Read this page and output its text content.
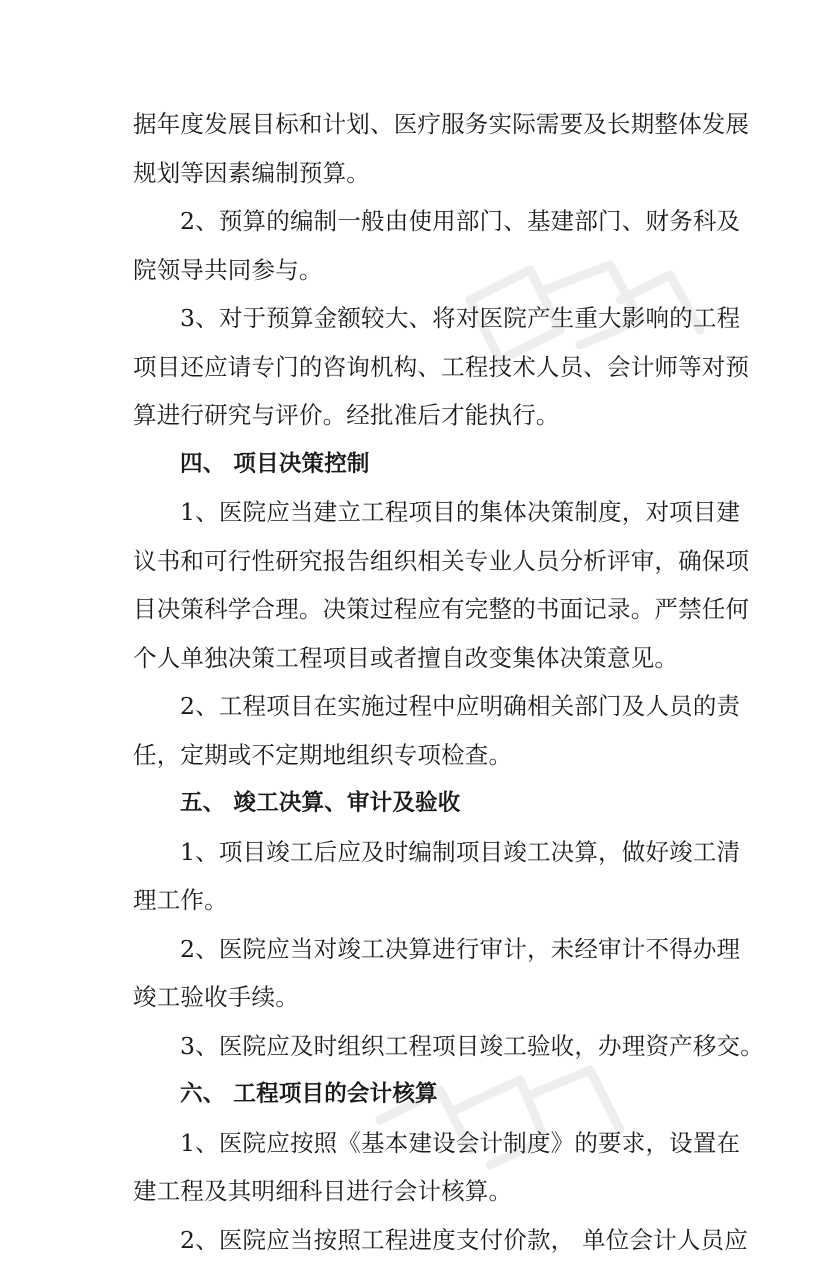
据年度发展目标和计划、医疗服务实际需要及长期整体发展
规划等因素编制预算。
2、预算的编制一般由使用部门、基建部门、财务科及
院领导共同参与。
3、对于预算金额较大、将对医院产生重大影响的工程
项目还应请专门的咨询机构、工程技术人员、会计师等对预
算进行研究与评价。经批准后才能执行。
四、 项目决策控制
1、医院应当建立工程项目的集体决策制度，对项目建
议书和可行性研究报告组织相关专业人员分析评审，确保项
目决策科学合理。决策过程应有完整的书面记录。严禁任何
个人单独决策工程项目或者擅自改变集体决策意见。
2、工程项目在实施过程中应明确相关部门及人员的责
任，定期或不定期地组织专项检查。
五、 竣工决算、审计及验收
1、项目竣工后应及时编制项目竣工决算，做好竣工清
理工作。
2、医院应当对竣工决算进行审计，未经审计不得办理
竣工验收手续。
3、医院应及时组织工程项目竣工验收，办理资产移交。
六、 工程项目的会计核算
1、医院应按照《基本建设会计制度》的要求，设置在
建工程及其明细科目进行会计核算。
2、医院应当按照工程进度支付价款， 单位会计人员应
